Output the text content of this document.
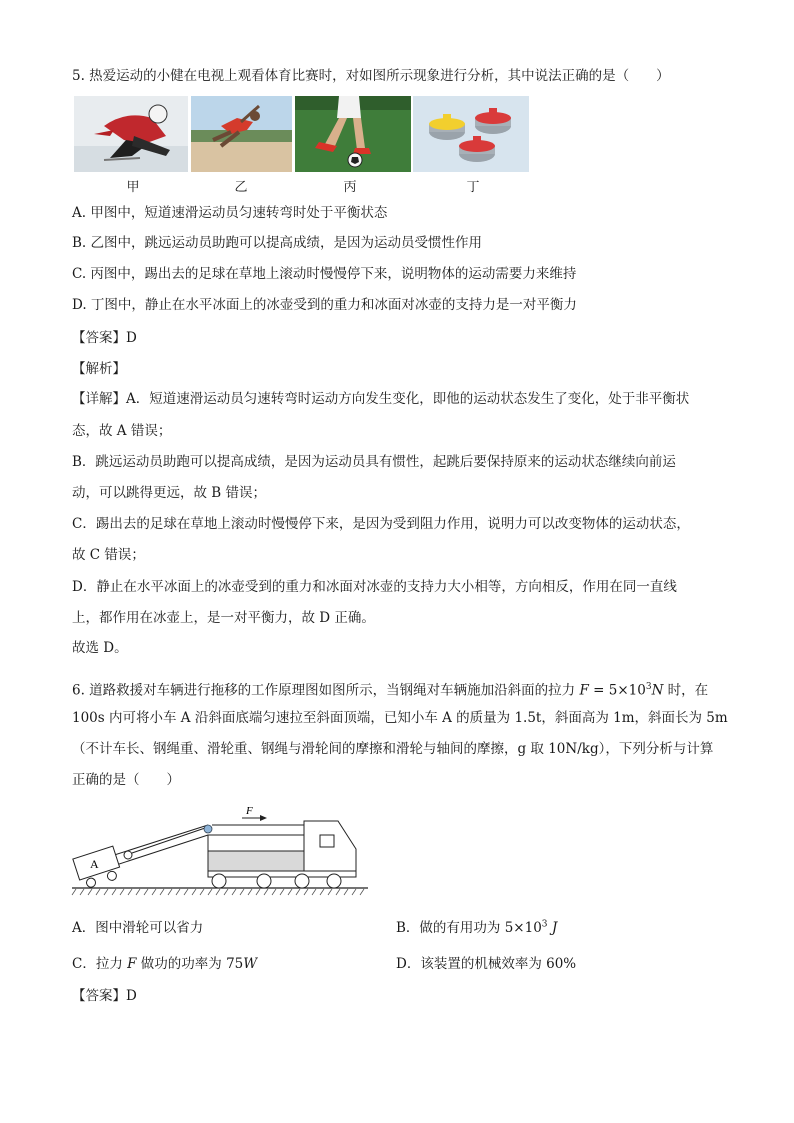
5. 热爱运动的小健在电视上观看体育比赛时，对如图所示现象进行分析，其中说法正确的是（　　）
甲	乙	丙	丁
A. 甲图中，短道速滑运动员匀速转弯时处于平衡状态
B. 乙图中，跳远运动员助跑可以提高成绩，是因为运动员受惯性作用
C. 丙图中，踢出去的足球在草地上滚动时慢慢停下来，说明物体的运动需要力来维持
D. 丁图中，静止在水平冰面上的冰壶受到的重力和冰面对冰壶的支持力是一对平衡力
【答案】D
【解析】
【详解】A．短道速滑运动员匀速转弯时运动方向发生变化，即他的运动状态发生了变化，处于非平衡状
态，故 A 错误；
B．跳远运动员助跑可以提高成绩，是因为运动员具有惯性，起跳后要保持原来的运动状态继续向前运
动，可以跳得更远，故 B 错误；
C．踢出去的足球在草地上滚动时慢慢停下来，是因为受到阻力作用，说明力可以改变物体的运动状态，
故 C 错误；
D．静止在水平冰面上的冰壶受到的重力和冰面对冰壶的支持力大小相等，方向相反，作用在同一直线
上，都作用在冰壶上，是一对平衡力，故 D 正确。
故选 D。
6. 道路救援对车辆进行拖移的工作原理图如图所示，当钢绳对车辆施加沿斜面的拉力 $F = 5\times 10^3N$ 时，在
100s 内可将小车 A 沿斜面底端匀速拉至斜面顶端，已知小车 A 的质量为 1.5t，斜面高为 1m，斜面长为 5m
（不计车长、钢绳重、滑轮重、钢绳与滑轮间的摩擦和滑轮与轴间的摩擦，g 取 10N/kg），下列分析与计算
正确的是（　　）
A
F
A．图中滑轮可以省力	B．做的有用功为 $5\times 10^3$ J
C．拉力 F 做功的功率为 75W	D．该装置的机械效率为 60%
【答案】D
